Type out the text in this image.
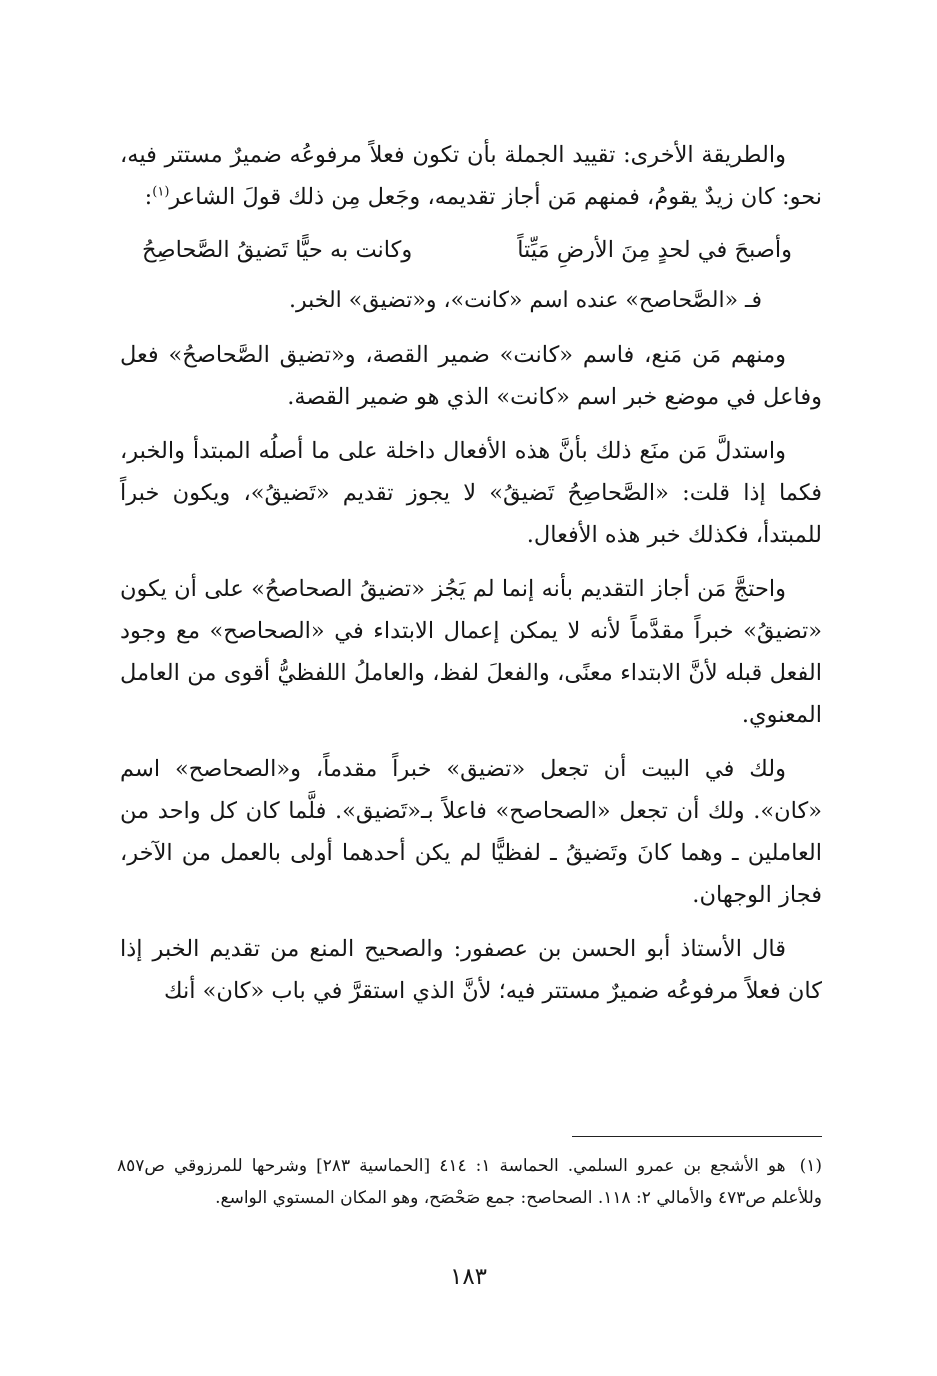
والطريقة الأخرى: تقييد الجملة بأن تكون فعلاً مرفوعُه ضميرٌ مستتر فيه، نحو: كان زيدٌ يقومُ، فمنهم مَن أجاز تقديمه، وجَعل مِن ذلك قولَ الشاعر$^{(١)}$:

وأصبحَ في لحدٍ مِنَ الأرضِ مَيِّتاً
وكانت به حيًّا تَضيقُ الصَّحاصِحُ

فـ «الصَّحاصح» عنده اسم «كانت»، و«تضيق» الخبر.

ومنهم مَن مَنع، فاسم «كانت» ضمير القصة، و«تضيق الصَّحاصحُ» فعل وفاعل في موضع خبر اسم «كانت» الذي هو ضمير القصة.

واستدلَّ مَن منَع ذلك بأنَّ هذه الأفعال داخلة على ما أصلُه المبتدأ والخبر، فكما إذا قلت: «الصَّحاصِحُ تَضيقُ» لا يجوز تقديم «تَضيقُ»، ويكون خبراً للمبتدأ، فكذلك خبر هذه الأفعال.

واحتجَّ مَن أجاز التقديم بأنه إنما لم يَجُز «تضيقُ الصحاصحُ» على أن يكون «تضيقُ» خبراً مقدَّماً لأنه لا يمكن إعمال الابتداء في «الصحاصح» مع وجود الفعل قبله لأنَّ الابتداء معنًى، والفعلَ لفظ، والعاملُ اللفظيُّ أقوى من العامل المعنوي.

ولك في البيت أن تجعل «تضيق» خبراً مقدماً، و«الصحاصح» اسم «كان». ولك أن تجعل «الصحاصح» فاعلاً بـ«تَضيق». فلَّما كان كل واحد من العاملين ـ وهما كانَ وتَضيقُ ـ لفظيًّا لم يكن أحدهما أولى بالعمل من الآخر، فجاز الوجهان.

قال الأستاذ أبو الحسن بن عصفور: والصحيح المنع من تقديم الخبر إذا كان فعلاً مرفوعُه ضميرٌ مستتر فيه؛ لأنَّ الذي استقرَّ في باب «كان» أنك

(١)هو الأشجع بن عمرو السلمي. الحماسة ١: ٤١٤ [الحماسية ٢٨٣] وشرحها للمرزوقي ص٨٥٧ وللأعلم ص٤٧٣ والأمالي ٢: ١١٨. الصحاصح: جمع صَحْصَح، وهو المكان المستوي الواسع.

١٨٣
